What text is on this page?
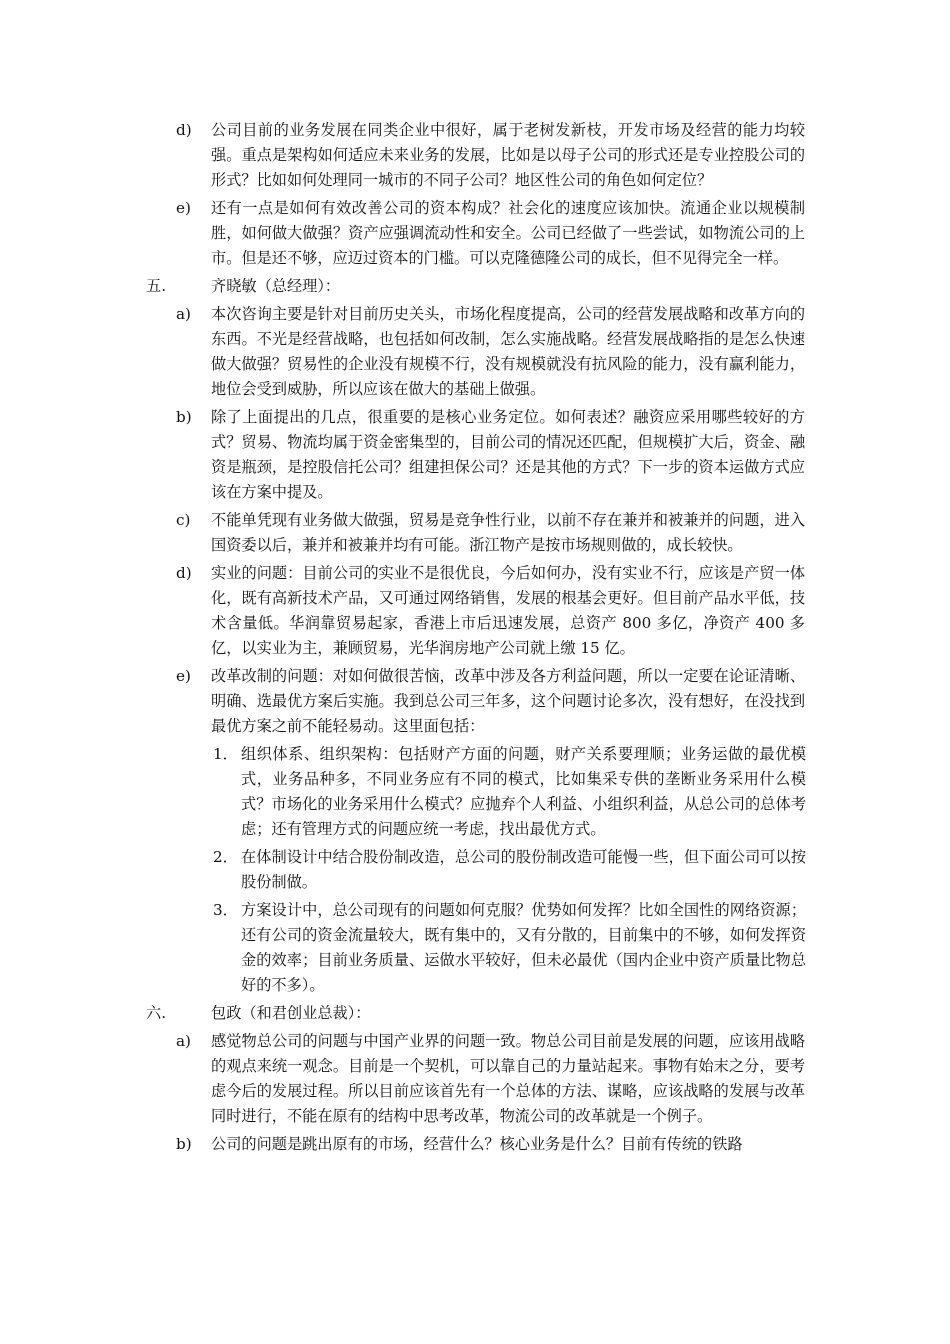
d) 公司目前的业务发展在同类企业中很好，属于老树发新枝，开发市场及经营的能力均较强。重点是架构如何适应未来业务的发展，比如是以母子公司的形式还是专业控股公司的形式？比如如何处理同一城市的不同子公司？地区性公司的角色如何定位？
e) 还有一点是如何有效改善公司的资本构成？社会化的速度应该加快。流通企业以规模制胜，如何做大做强？资产应强调流动性和安全。公司已经做了一些尝试，如物流公司的上市。但是还不够，应迈过资本的门槛。可以克隆德隆公司的成长，但不见得完全一样。
五.	齐晓敏（总经理）：
a) 本次咨询主要是针对目前历史关头，市场化程度提高，公司的经营发展战略和改革方向的东西。不光是经营战略，也包括如何改制，怎么实施战略。经营发展战略指的是怎么快速做大做强？贸易性的企业没有规模不行，没有规模就没有抗风险的能力，没有赢利能力，地位会受到威胁，所以应该在做大的基础上做强。
b) 除了上面提出的几点，很重要的是核心业务定位。如何表述？融资应采用哪些较好的方式？贸易、物流均属于资金密集型的，目前公司的情况还匹配，但规模扩大后，资金、融资是瓶颈，是控股信托公司？组建担保公司？还是其他的方式？下一步的资本运做方式应该在方案中提及。
c) 不能单凭现有业务做大做强，贸易是竞争性行业，以前不存在兼并和被兼并的问题，进入国资委以后，兼并和被兼并均有可能。浙江物产是按市场规则做的，成长较快。
d) 实业的问题：目前公司的实业不是很优良，今后如何办，没有实业不行，应该是产贸一体化，既有高新技术产品，又可通过网络销售，发展的根基会更好。但目前产品水平低，技术含量低。华润靠贸易起家，香港上市后迅速发展，总资产 800 多亿，净资产 400 多亿，以实业为主，兼顾贸易，光华润房地产公司就上缴 15 亿。
e) 改革改制的问题：对如何做很苦恼，改革中涉及各方利益问题，所以一定要在论证清晰、明确、选最优方案后实施。我到总公司三年多，这个问题讨论多次，没有想好，在没找到最优方案之前不能轻易动。这里面包括：
1． 组织体系、组织架构：包括财产方面的问题，财产关系要理顺；业务运做的最优模式，业务品种多，不同业务应有不同的模式，比如集采专供的垄断业务采用什么模式？市场化的业务采用什么模式？应抛弃个人利益、小组织利益，从总公司的总体考虑；还有管理方式的问题应统一考虑，找出最优方式。
2． 在体制设计中结合股份制改造，总公司的股份制改造可能慢一些，但下面公司可以按股份制做。
3． 方案设计中，总公司现有的问题如何克服？优势如何发挥？比如全国性的网络资源；还有公司的资金流量较大，既有集中的，又有分散的，目前集中的不够，如何发挥资金的效率；目前业务质量、运做水平较好，但未必最优（国内企业中资产质量比物总好的不多）。
六.	包政（和君创业总裁）：
a) 感觉物总公司的问题与中国产业界的问题一致。物总公司目前是发展的问题，应该用战略的观点来统一观念。目前是一个契机，可以靠自己的力量站起来。事物有始末之分，要考虑今后的发展过程。所以目前应该首先有一个总体的方法、谋略，应该战略的发展与改革同时进行，不能在原有的结构中思考改革，物流公司的改革就是一个例子。
b) 公司的问题是跳出原有的市场，经营什么？核心业务是什么？目前有传统的铁路
